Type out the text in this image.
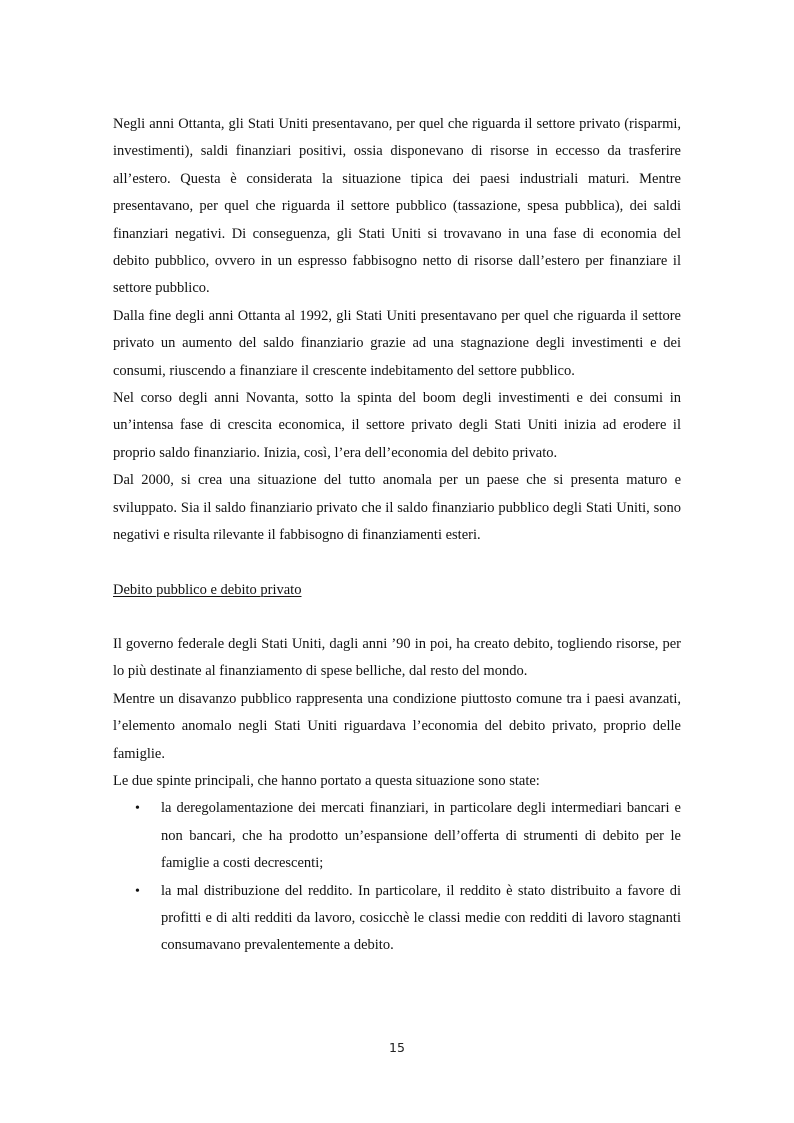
Negli anni Ottanta, gli Stati Uniti presentavano, per quel che riguarda il settore privato (risparmi, investimenti), saldi finanziari positivi, ossia disponevano di risorse in eccesso da trasferire all’estero. Questa è considerata la situazione tipica dei paesi industriali maturi. Mentre presentavano, per quel che riguarda il settore pubblico (tassazione, spesa pubblica), dei saldi finanziari negativi. Di conseguenza, gli Stati Uniti si trovavano in una fase di economia del debito pubblico, ovvero in un espresso fabbisogno netto di risorse dall’estero per finanziare il settore pubblico.

Dalla fine degli anni Ottanta al 1992, gli Stati Uniti presentavano per quel che riguarda il settore privato un aumento del saldo finanziario grazie ad una stagnazione degli investimenti e dei consumi, riuscendo a finanziare il crescente indebitamento del settore pubblico.

Nel corso degli anni Novanta, sotto la spinta del boom degli investimenti e dei consumi in un’intensa fase di crescita economica, il settore privato degli Stati Uniti inizia ad erodere il proprio saldo finanziario. Inizia, così, l’era dell’economia del debito privato.

Dal 2000, si crea una situazione del tutto anomala per un paese che si presenta maturo e sviluppato. Sia il saldo finanziario privato che il saldo finanziario pubblico degli Stati Uniti, sono negativi e risulta rilevante il fabbisogno di finanziamenti esteri.

Debito pubblico e debito privato

Il governo federale degli Stati Uniti, dagli anni ’90 in poi, ha creato debito, togliendo risorse, per lo più destinate al finanziamento di spese belliche, dal resto del mondo.

Mentre un disavanzo pubblico rappresenta una condizione piuttosto comune tra i paesi avanzati, l’elemento anomalo negli Stati Uniti riguardava l’economia del debito privato, proprio delle famiglie.

Le due spinte principali, che hanno portato a questa situazione sono state:

• la deregolamentazione dei mercati finanziari, in particolare degli intermediari bancari e non bancari, che ha prodotto un’espansione dell’offerta di strumenti di debito per le famiglie a costi decrescenti;
• la mal distribuzione del reddito. In particolare, il reddito è stato distribuito a favore di profitti e di alti redditi da lavoro, cosicchè le classi medie con redditi di lavoro stagnanti consumavano prevalentemente a debito.
15
